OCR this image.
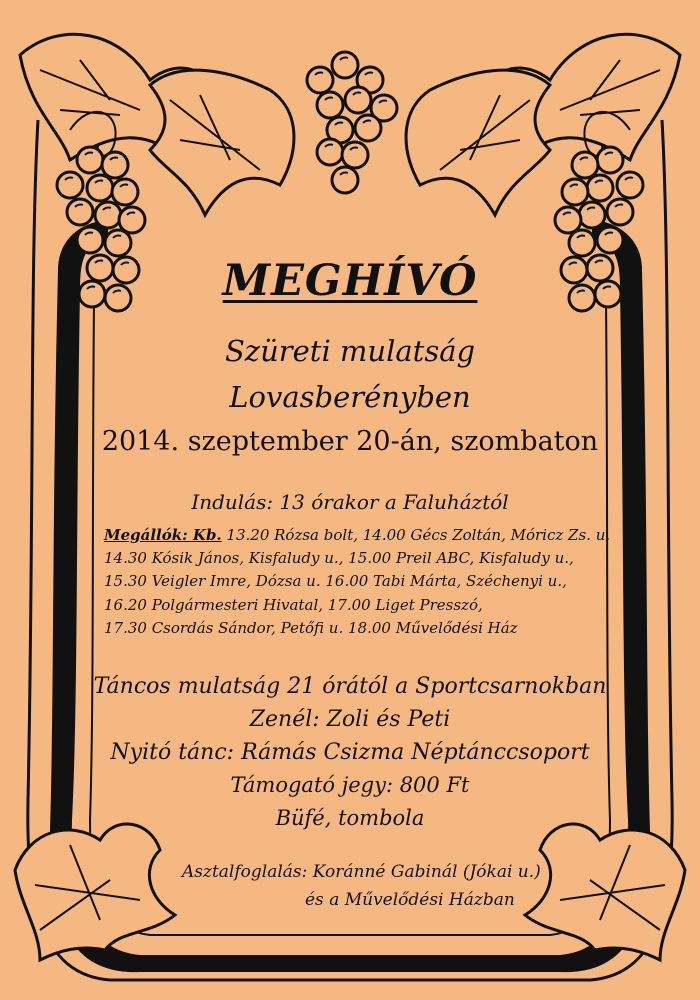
MEGHÍVÓ
Szüreti mulatság
Lovasberényben
2014. szeptember 20-án, szombaton
Indulás: 13 órakor a Faluháztól
Megállók: Kb. 13.20 Rózsa bolt, 14.00 Gécs Zoltán, Móricz Zs. u.
14.30 Kósik János, Kisfaludy u., 15.00 Preil ABC, Kisfaludy u.,
15.30 Veigler Imre, Dózsa u. 16.00 Tabi Márta, Széchenyi u.,
16.20 Polgármesteri Hivatal, 17.00 Liget Presszó,
17.30 Csordás Sándor, Petőfi u. 18.00 Művelődési Ház
Táncos mulatság 21 órától a Sportcsarnokban
Zenél: Zoli és Peti
Nyitó tánc: Rámás Csizma Néptánccsoport
Támogató jegy: 800 Ft
Büfé, tombola
Asztalfoglalás: Koránné Gabinál (Jókai u.)
és a Művelődési Házban
